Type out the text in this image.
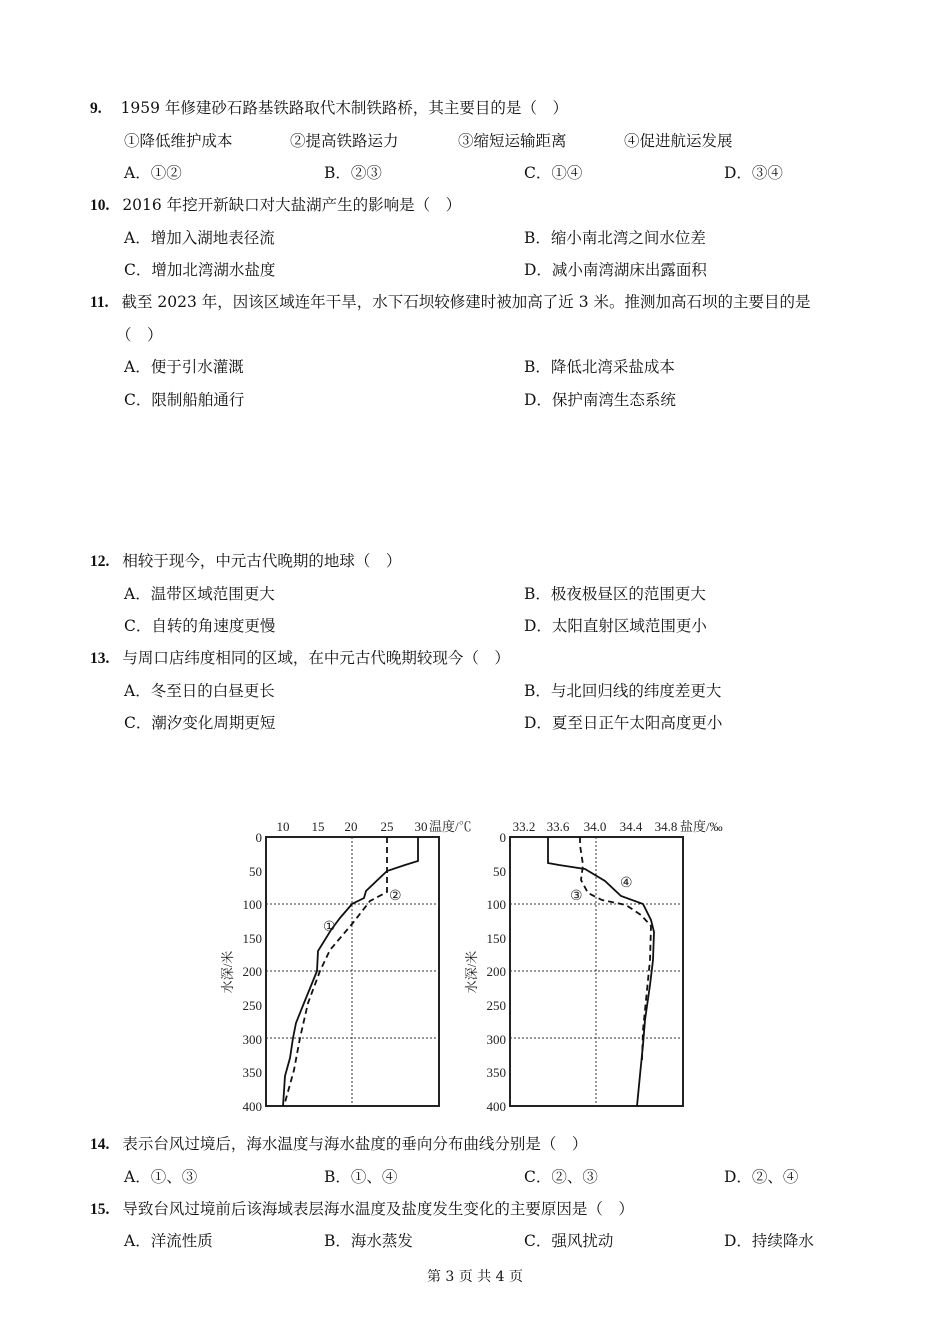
9. 1959 年修建砂石路基铁路取代木制铁路桥，其主要目的是（　）
①降低维护成本	②提高铁路运力	③缩短运输距离	④促进航运发展
A．①②	B．②③	C．①④	D．③④
10. 2016 年挖开新缺口对大盐湖产生的影响是（　）
A．增加入湖地表径流	B．缩小南北湾之间水位差
C．增加北湾湖水盐度	D．减小南湾湖床出露面积
11. 截至 2023 年，因该区域连年干旱，水下石坝较修建时被加高了近 3 米。推测加高石坝的主要目的是
（　）
A．便于引水灌溉	B．降低北湾采盐成本
C．限制船舶通行	D．保护南湾生态系统
12. 相较于现今，中元古代晚期的地球（　）
A．温带区域范围更大	B．极夜极昼区的范围更大
C．自转的角速度更慢	D．太阳直射区域范围更小
13. 与周口店纬度相同的区域，在中元古代晚期较现今（　）
A．冬至日的白昼更长	B．与北回归线的纬度差更大
C．潮汐变化周期更短	D．夏至日正午太阳高度更小
10 15 20 25 30 温度/℃
0
50
100
150
200
250
300
350
400
水深/米
①
②
33.2 33.6 34.0 34.4 34.8 盐度/‰
0
50
100
150
200
250
300
350
400
水深/米
④
③
14. 表示台风过境后，海水温度与海水盐度的垂向分布曲线分别是（　）
A．①、③	B．①、④	C．②、③	D．②、④
15. 导致台风过境前后该海域表层海水温度及盐度发生变化的主要原因是（　）
A．洋流性质	B．海水蒸发	C．强风扰动	D．持续降水
第 3 页 共 4 页
